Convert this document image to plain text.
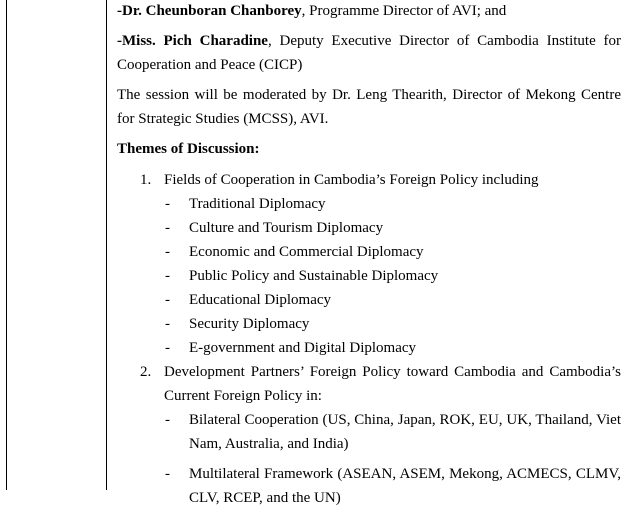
-Dr. Cheunboran Chanborey, Programme Director of AVI; and

-Miss. Pich Charadine, Deputy Executive Director of Cambodia Institute for Cooperation and Peace (CICP)

The session will be moderated by Dr. Leng Thearith, Director of Mekong Centre for Strategic Studies (MCSS), AVI.

Themes of Discussion:

1. Fields of Cooperation in Cambodia’s Foreign Policy including
- Traditional Diplomacy
- Culture and Tourism Diplomacy
- Economic and Commercial Diplomacy
- Public Policy and Sustainable Diplomacy
- Educational Diplomacy
- Security Diplomacy
- E-government and Digital Diplomacy
2. Development Partners’ Foreign Policy toward Cambodia and Cambodia’s Current Foreign Policy in:
- Bilateral Cooperation (US, China, Japan, ROK, EU, UK, Thailand, Viet Nam, Australia, and India)
- Multilateral Framework (ASEAN, ASEM, Mekong, ACMECS, CLMV, CLV, RCEP, and the UN)
